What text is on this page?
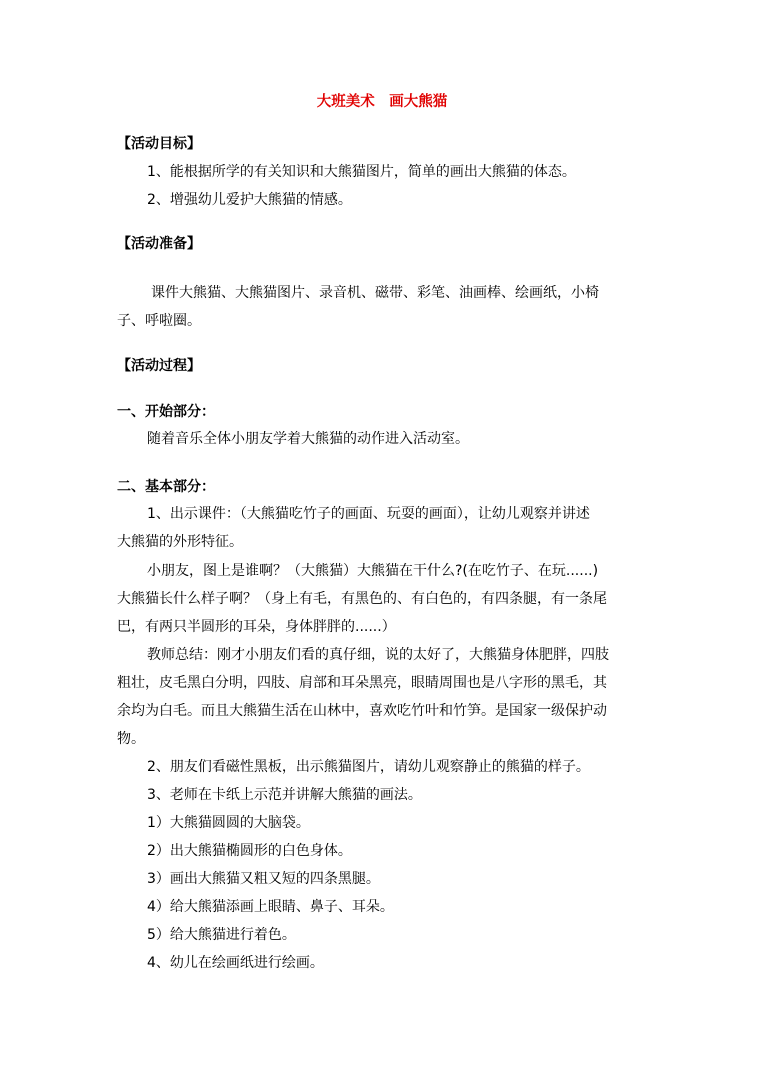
大班美术　画大熊猫
【活动目标】
1、能根据所学的有关知识和大熊猫图片，简单的画出大熊猫的体态。
2、增强幼儿爱护大熊猫的情感。
【活动准备】
课件大熊猫、大熊猫图片、录音机、磁带、彩笔、油画棒、绘画纸，小椅
子、呼啦圈。
【活动过程】
一、开始部分：
随着音乐全体小朋友学着大熊猫的动作进入活动室。
二、基本部分：
1、出示课件：（大熊猫吃竹子的画面、玩耍的画面），让幼儿观察并讲述
大熊猫的外形特征。
小朋友，图上是谁啊？（大熊猫）大熊猫在干什么?(在吃竹子、在玩......)
大熊猫长什么样子啊？（身上有毛，有黑色的、有白色的，有四条腿，有一条尾
巴，有两只半圆形的耳朵，身体胖胖的......）
教师总结：刚才小朋友们看的真仔细，说的太好了，大熊猫身体肥胖，四肢
粗壮，皮毛黑白分明，四肢、肩部和耳朵黑亮，眼睛周围也是八字形的黑毛，其
余均为白毛。而且大熊猫生活在山林中，喜欢吃竹叶和竹笋。是国家一级保护动
物。
2、朋友们看磁性黑板，出示熊猫图片，请幼儿观察静止的熊猫的样子。
3、老师在卡纸上示范并讲解大熊猫的画法。
1）大熊猫圆圆的大脑袋。
2）出大熊猫椭圆形的白色身体。
3）画出大熊猫又粗又短的四条黑腿。
4）给大熊猫添画上眼睛、鼻子、耳朵。
5）给大熊猫进行着色。
4、幼儿在绘画纸进行绘画。
